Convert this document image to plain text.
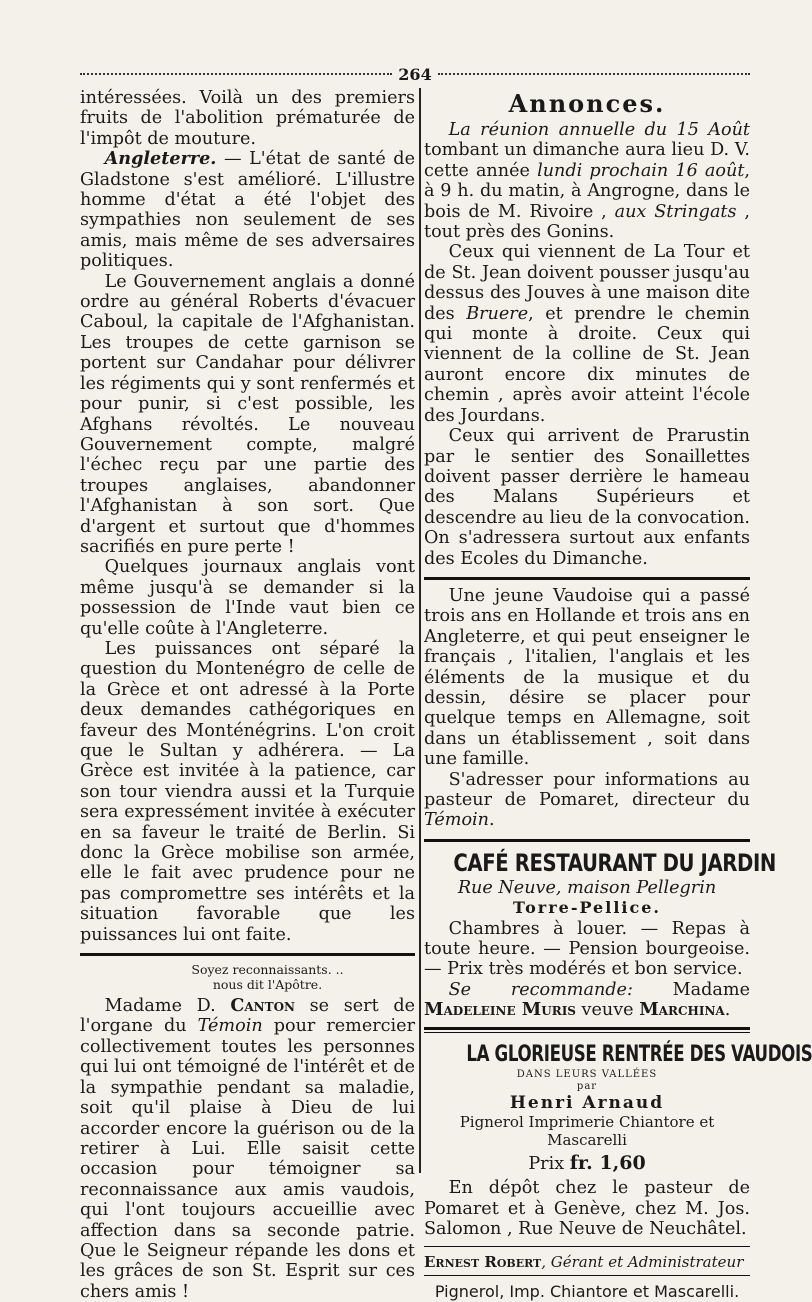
264

intéressées. Voilà un des premiers fruits de l'abolition prématurée de l'impôt de mouture.

Angleterre. — L'état de santé de Gladstone s'est amélioré. L'illustre homme d'état a été l'objet des sympathies non seulement de ses amis, mais même de ses adversaires politiques.

Le Gouvernement anglais a donné ordre au général Roberts d'évacuer Caboul, la capitale de l'Afghanistan. Les troupes de cette garnison se portent sur Candahar pour délivrer les régiments qui y sont renfermés et pour punir, si c'est possible, les Afghans révoltés. Le nouveau Gouvernement compte, malgré l'échec reçu par une partie des troupes anglaises, abandonner l'Afghanistan à son sort. Que d'argent et surtout que d'hommes sacrifiés en pure perte !

Quelques journaux anglais vont même jusqu'à se demander si la possession de l'Inde vaut bien ce qu'elle coûte à l'Angleterre.

Les puissances ont séparé la question du Montenégro de celle de la Grèce et ont adressé à la Porte deux demandes cathégoriques en faveur des Monténégrins. L'on croit que le Sultan y adhérera. — La Grèce est invitée à la patience, car son tour viendra aussi et la Turquie sera expressément invitée à exécuter en sa faveur le traité de Berlin. Si donc la Grèce mobilise son armée, elle le fait avec prudence pour ne pas compromettre ses intérêts et la situation favorable que les puissances lui ont faite.

Soyez reconnaissants. ..
nous dit l'Apôtre.

Madame D. Canton se sert de l'organe du Témoin pour remercier collectivement toutes les personnes qui lui ont témoigné de l'intérêt et de la sympathie pendant sa maladie, soit qu'il plaise à Dieu de lui accorder encore la guérison ou de la retirer à Lui. Elle saisit cette occasion pour témoigner sa reconnaissance aux amis vaudois, qui l'ont toujours accueillie avec affection dans sa seconde patrie. Que le Seigneur répande les dons et les grâces de son St. Esprit sur ces chers amis !

Annonces.

La réunion annuelle du 15 Août tombant un dimanche aura lieu D. V. cette année lundi prochain 16 août, à 9 h. du matin, à Angrogne, dans le bois de M. Rivoire , aux Stringats , tout près des Gonins.

Ceux qui viennent de La Tour et de St. Jean doivent pousser jusqu'au dessus des Jouves à une maison dite des Bruere, et prendre le chemin qui monte à droite. Ceux qui viennent de la colline de St. Jean auront encore dix minutes de chemin , après avoir atteint l'école des Jourdans.

Ceux qui arrivent de Prarustin par le sentier des Sonaillettes doivent passer derrière le hameau des Malans Supérieurs et descendre au lieu de la convocation. On s'adressera surtout aux enfants des Ecoles du Dimanche.

Une jeune Vaudoise qui a passé trois ans en Hollande et trois ans en Angleterre, et qui peut enseigner le français , l'italien, l'anglais et les éléments de la musique et du dessin, désire se placer pour quelque temps en Allemagne, soit dans un établissement , soit dans une famille.

S'adresser pour informations au pasteur de Pomaret, directeur du Témoin.

CAFÉ RESTAURANT DU JARDIN
Rue Neuve, maison Pellegrin
Torre-Pellice.

Chambres à louer. — Repas à toute heure. — Pension bourgeoise. — Prix très modérés et bon service.

Se recommande: Madame Madeleine Muris veuve Marchina.

LA GLORIEUSE RENTRÉE DES VAUDOIS
DANS LEURS VALLÉES
par
Henri Arnaud
Pignerol Imprimerie Chiantore et Mascarelli
Prix fr. 1,60

En dépôt chez le pasteur de Pomaret et à Genève, chez M. Jos. Salomon , Rue Neuve de Neuchâtel.

Ernest Robert, Gérant et Administrateur
Pignerol, Imp. Chiantore et Mascarelli.
